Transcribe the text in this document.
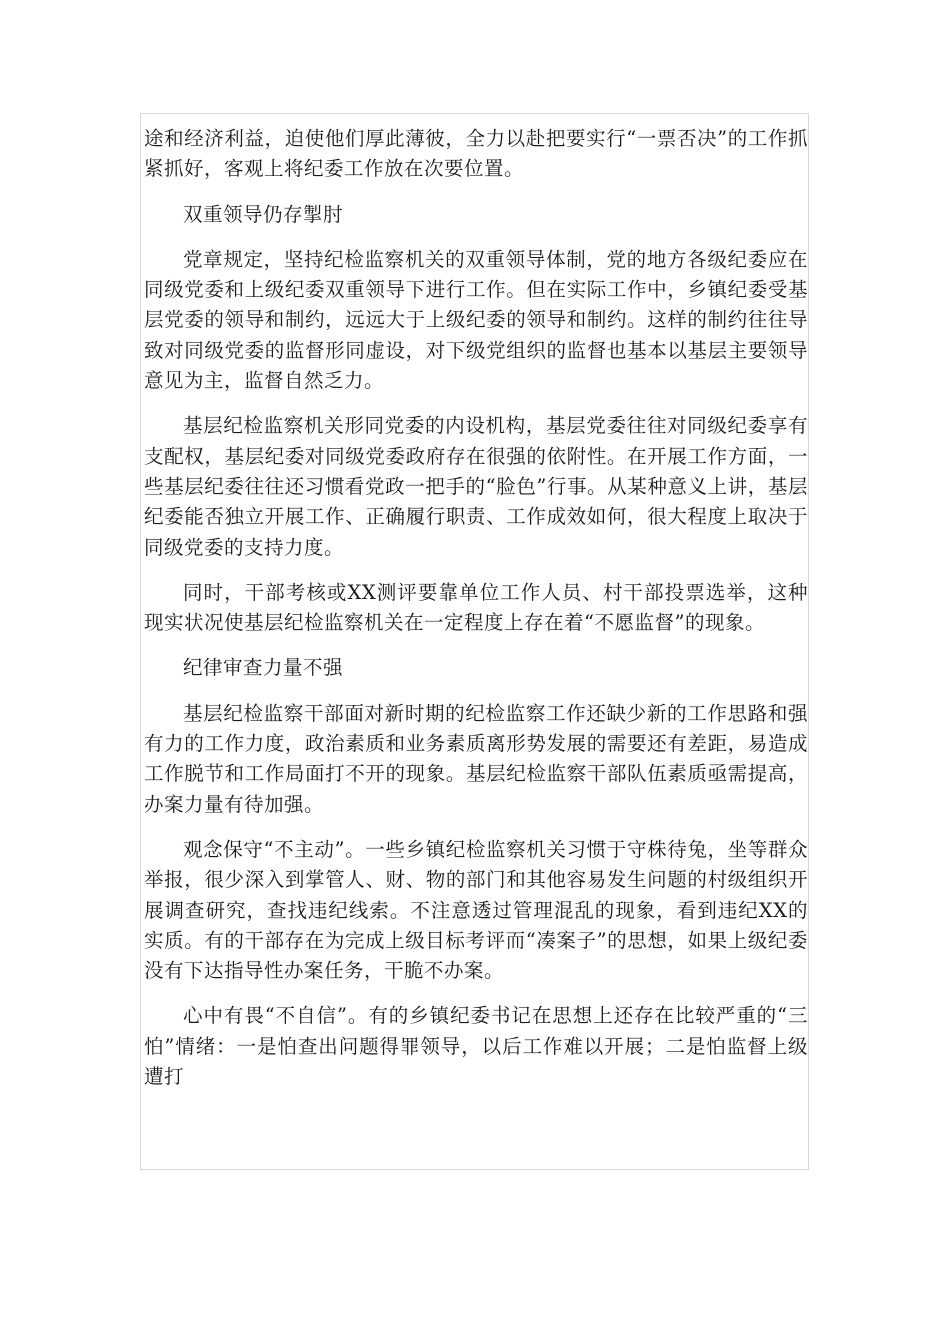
途和经济利益，迫使他们厚此薄彼，全力以赴把要实行“一票否决”的工作抓紧抓好，客观上将纪委工作放在次要位置。

双重领导仍存掣肘

党章规定，坚持纪检监察机关的双重领导体制，党的地方各级纪委应在同级党委和上级纪委双重领导下进行工作。但在实际工作中，乡镇纪委受基层党委的领导和制约，远远大于上级纪委的领导和制约。这样的制约往往导致对同级党委的监督形同虚设，对下级党组织的监督也基本以基层主要领导意见为主，监督自然乏力。

基层纪检监察机关形同党委的内设机构，基层党委往往对同级纪委享有支配权，基层纪委对同级党委政府存在很强的依附性。在开展工作方面，一些基层纪委往往还习惯看党政一把手的“脸色”行事。从某种意义上讲，基层纪委能否独立开展工作、正确履行职责、工作成效如何，很大程度上取决于同级党委的支持力度。

同时，干部考核或XX测评要靠单位工作人员、村干部投票选举，这种现实状况使基层纪检监察机关在一定程度上存在着“不愿监督”的现象。

纪律审查力量不强

基层纪检监察干部面对新时期的纪检监察工作还缺少新的工作思路和强有力的工作力度，政治素质和业务素质离形势发展的需要还有差距，易造成工作脱节和工作局面打不开的现象。基层纪检监察干部队伍素质亟需提高，办案力量有待加强。

观念保守“不主动”。一些乡镇纪检监察机关习惯于守株待兔，坐等群众举报，很少深入到掌管人、财、物的部门和其他容易发生问题的村级组织开展调查研究，查找违纪线索。不注意透过管理混乱的现象，看到违纪XX的实质。有的干部存在为完成上级目标考评而“凑案子”的思想，如果上级纪委没有下达指导性办案任务，干脆不办案。

心中有畏“不自信”。有的乡镇纪委书记在思想上还存在比较严重的“三怕”情绪：一是怕查出问题得罪领导，以后工作难以开展；二是怕监督上级遭打
